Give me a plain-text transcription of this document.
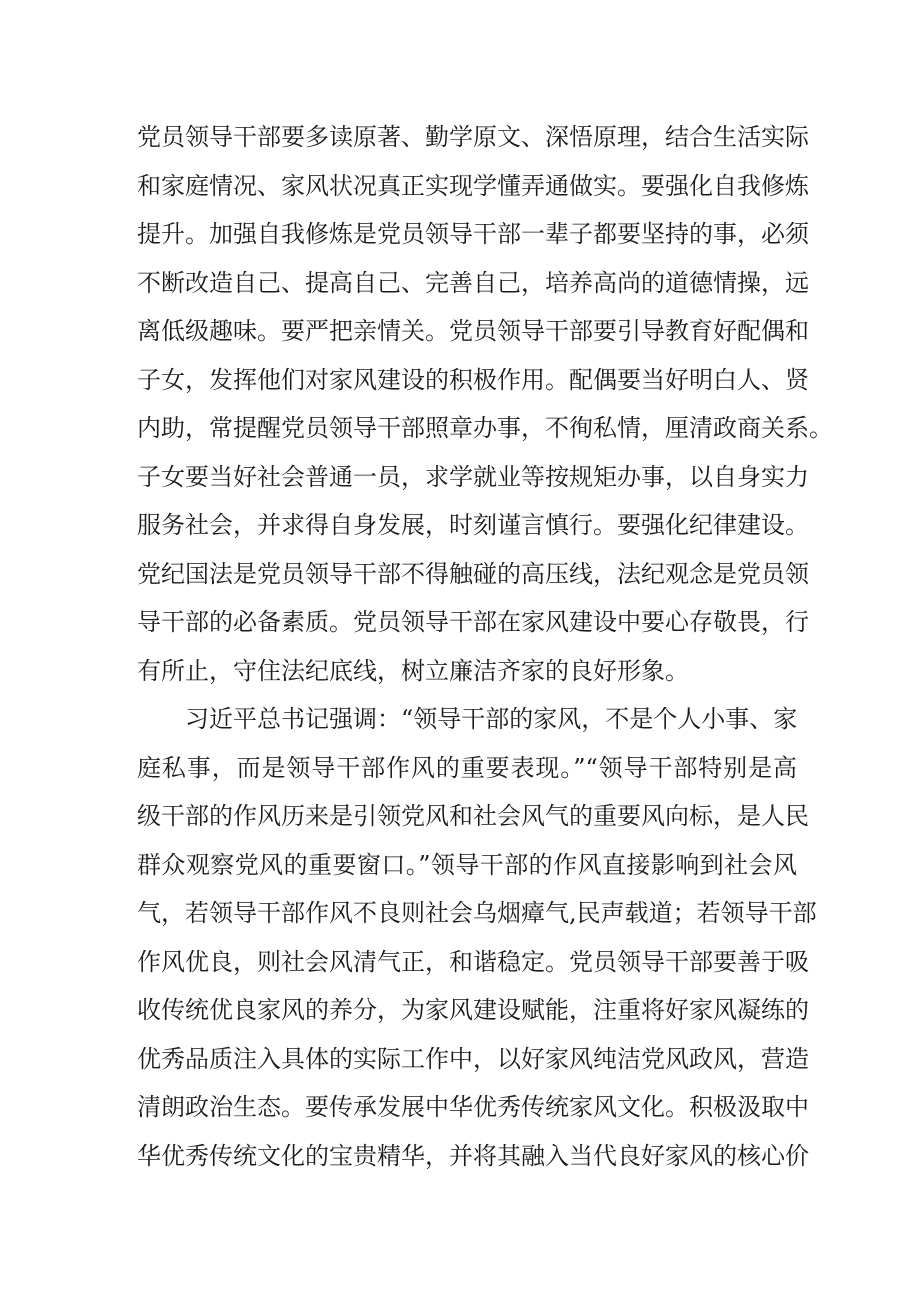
党员领导干部要多读原著、勤学原文、深悟原理，结合生活实际
和家庭情况、家风状况真正实现学懂弄通做实。要强化自我修炼
提升。加强自我修炼是党员领导干部一辈子都要坚持的事，必须
不断改造自己、提高自己、完善自己，培养高尚的道德情操，远
离低级趣味。要严把亲情关。党员领导干部要引导教育好配偶和
子女，发挥他们对家风建设的积极作用。配偶要当好明白人、贤
内助，常提醒党员领导干部照章办事，不徇私情，厘清政商关系。
子女要当好社会普通一员，求学就业等按规矩办事，以自身实力
服务社会，并求得自身发展，时刻谨言慎行。要强化纪律建设。
党纪国法是党员领导干部不得触碰的高压线，法纪观念是党员领
导干部的必备素质。党员领导干部在家风建设中要心存敬畏，行
有所止，守住法纪底线，树立廉洁齐家的良好形象。
习近平总书记强调：“领导干部的家风，不是个人小事、家
庭私事，而是领导干部作风的重要表现。”“领导干部特别是高
级干部的作风历来是引领党风和社会风气的重要风向标，是人民
群众观察党风的重要窗口。”领导干部的作风直接影响到社会风
气，若领导干部作风不良则社会乌烟瘴气,民声载道；若领导干部
作风优良，则社会风清气正，和谐稳定。党员领导干部要善于吸
收传统优良家风的养分，为家风建设赋能，注重将好家风凝练的
优秀品质注入具体的实际工作中，以好家风纯洁党风政风，营造
清朗政治生态。要传承发展中华优秀传统家风文化。积极汲取中
华优秀传统文化的宝贵精华，并将其融入当代良好家风的核心价
